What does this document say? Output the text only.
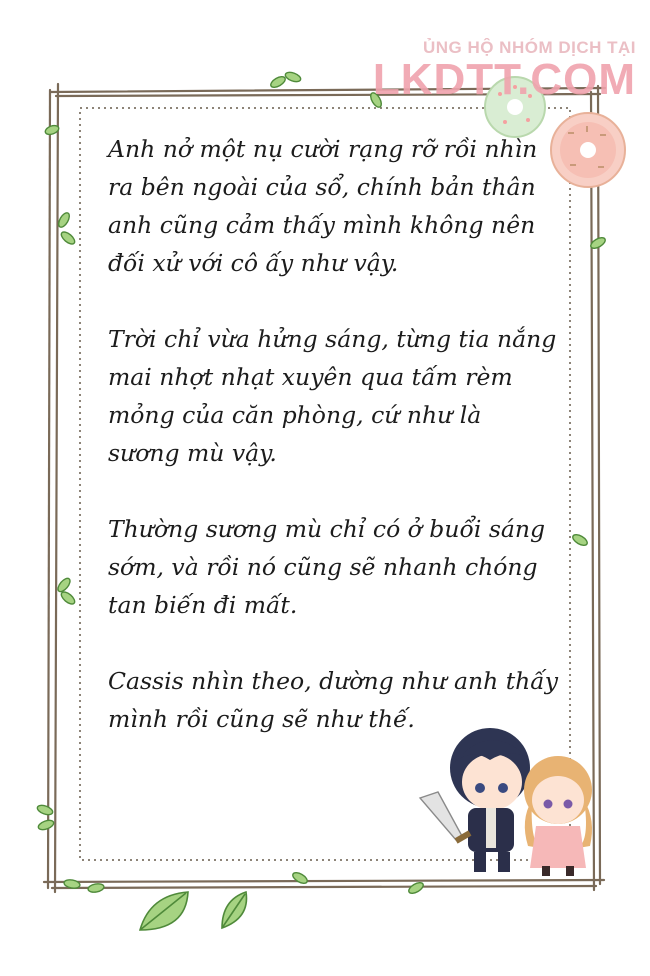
ỦNG HỘ NHÓM DỊCH TẠI
LKDTT.COM

Anh nở một nụ cười rạng rỡ rồi nhìn ra bên ngoài của sổ, chính bản thân anh cũng cảm thấy mình không nên đối xử với cô ấy như vậy.

Trời chỉ vừa hửng sáng, từng tia nắng mai nhợt nhạt xuyên qua tấm rèm mỏng của căn phòng, cứ như là sương mù vậy.

Thường sương mù chỉ có ở buổi sáng sớm, và rồi nó cũng sẽ nhanh chóng tan biến đi mất.

Cassis nhìn theo, dường như anh thấy mình rồi cũng sẽ như thế.
